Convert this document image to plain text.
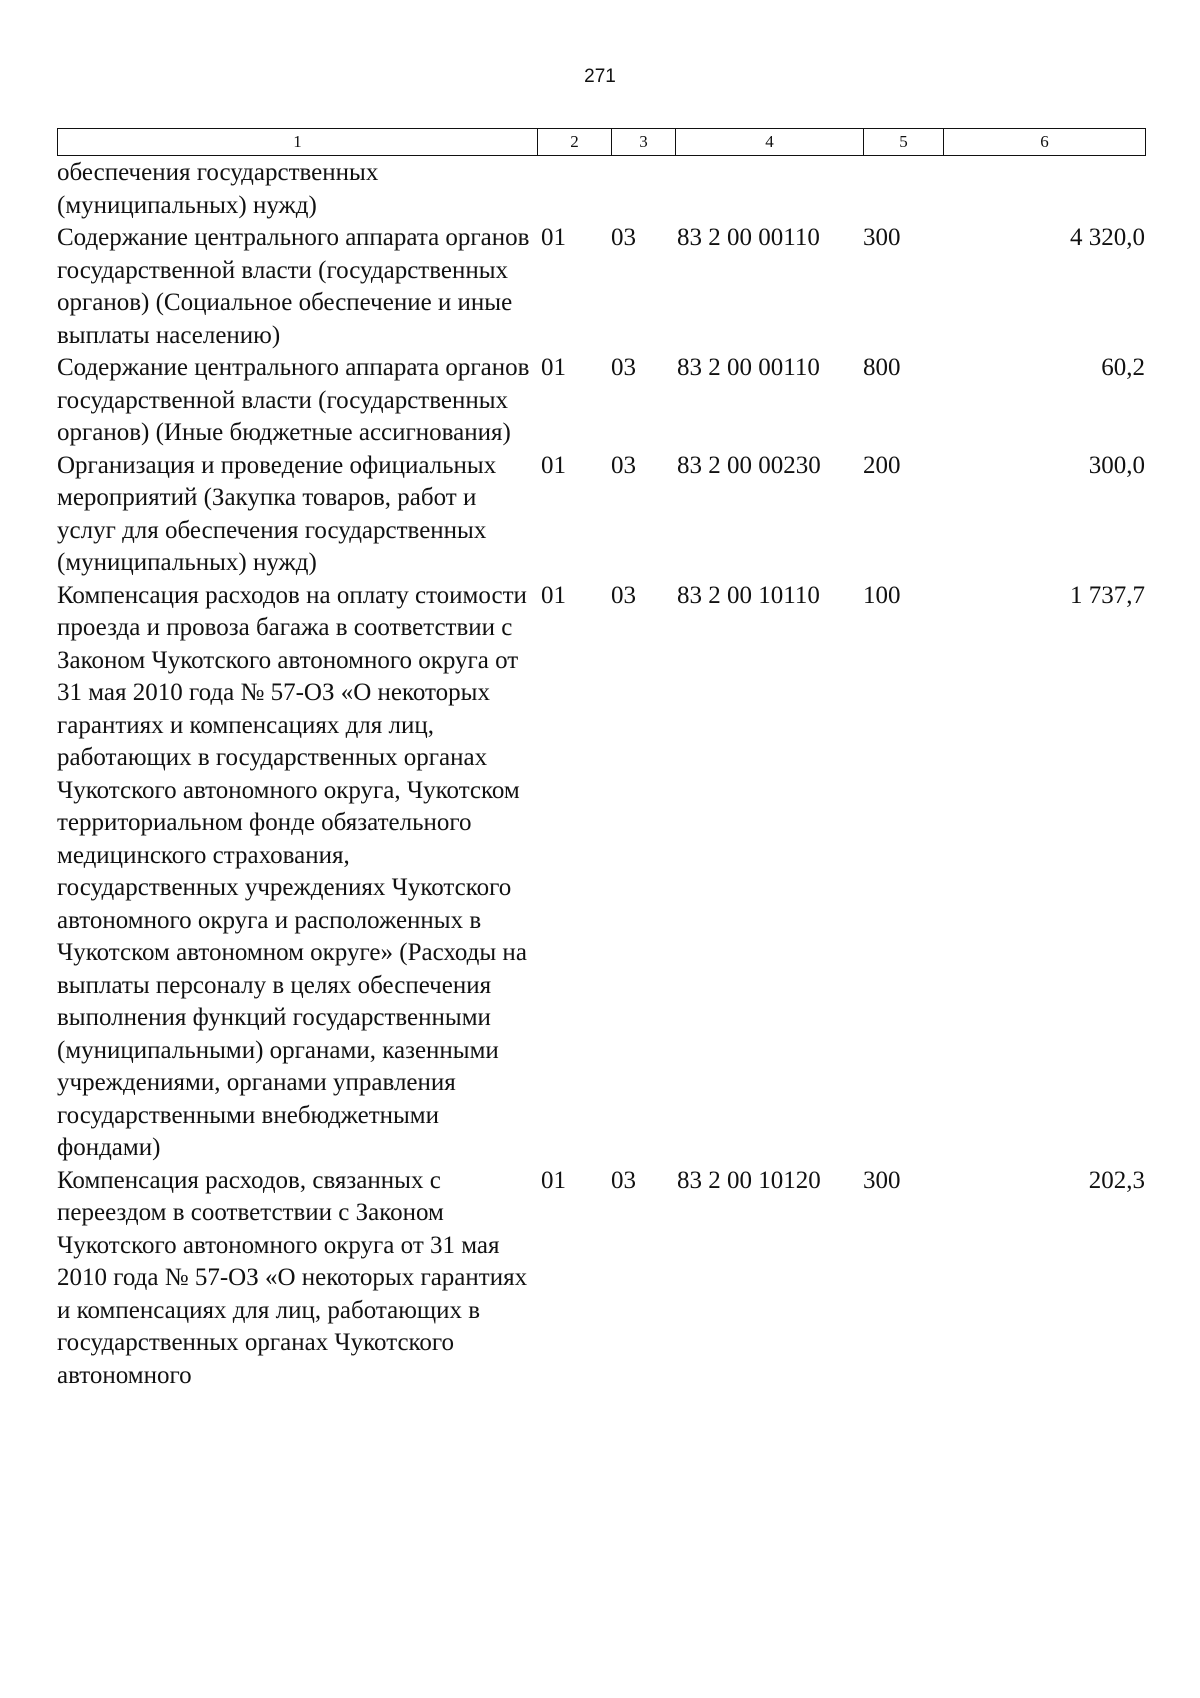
271
1	2	3	4	5	6
обеспечения государственных (муниципальных) нужд)					
Содержание центрального аппарата органов государственной власти (государственных органов) (Социальное обеспечение и иные выплаты населению)	01	03	83 2 00 00110	300	4 320,0
Содержание центрального аппарата органов государственной власти (государственных органов) (Иные бюджетные ассигнования)	01	03	83 2 00 00110	800	60,2
Организация и проведение официальных мероприятий (Закупка товаров, работ и услуг для обеспечения государственных (муниципальных) нужд)	01	03	83 2 00 00230	200	300,0
Компенсация расходов на оплату стоимости проезда и провоза багажа в соответствии с Законом Чукотского автономного округа от 31 мая 2010 года № 57-ОЗ «О некоторых гарантиях и компенсациях для лиц, работающих в государственных органах Чукотского автономного округа, Чукотском территориальном фонде обязательного медицинского страхования, государственных учреждениях Чукотского автономного округа и расположенных в Чукотском автономном округе» (Расходы на выплаты персоналу в целях обеспечения выполнения функций государственными (муниципальными) органами, казенными учреждениями, органами управления государственными внебюджетными фондами)	01	03	83 2 00 10110	100	1 737,7
Компенсация расходов, связанных с переездом в соответствии с Законом Чукотского автономного округа от 31 мая 2010 года № 57-ОЗ «О некоторых гарантиях и компенсациях для лиц, работающих в государственных органах Чукотского автономного	01	03	83 2 00 10120	300	202,3
